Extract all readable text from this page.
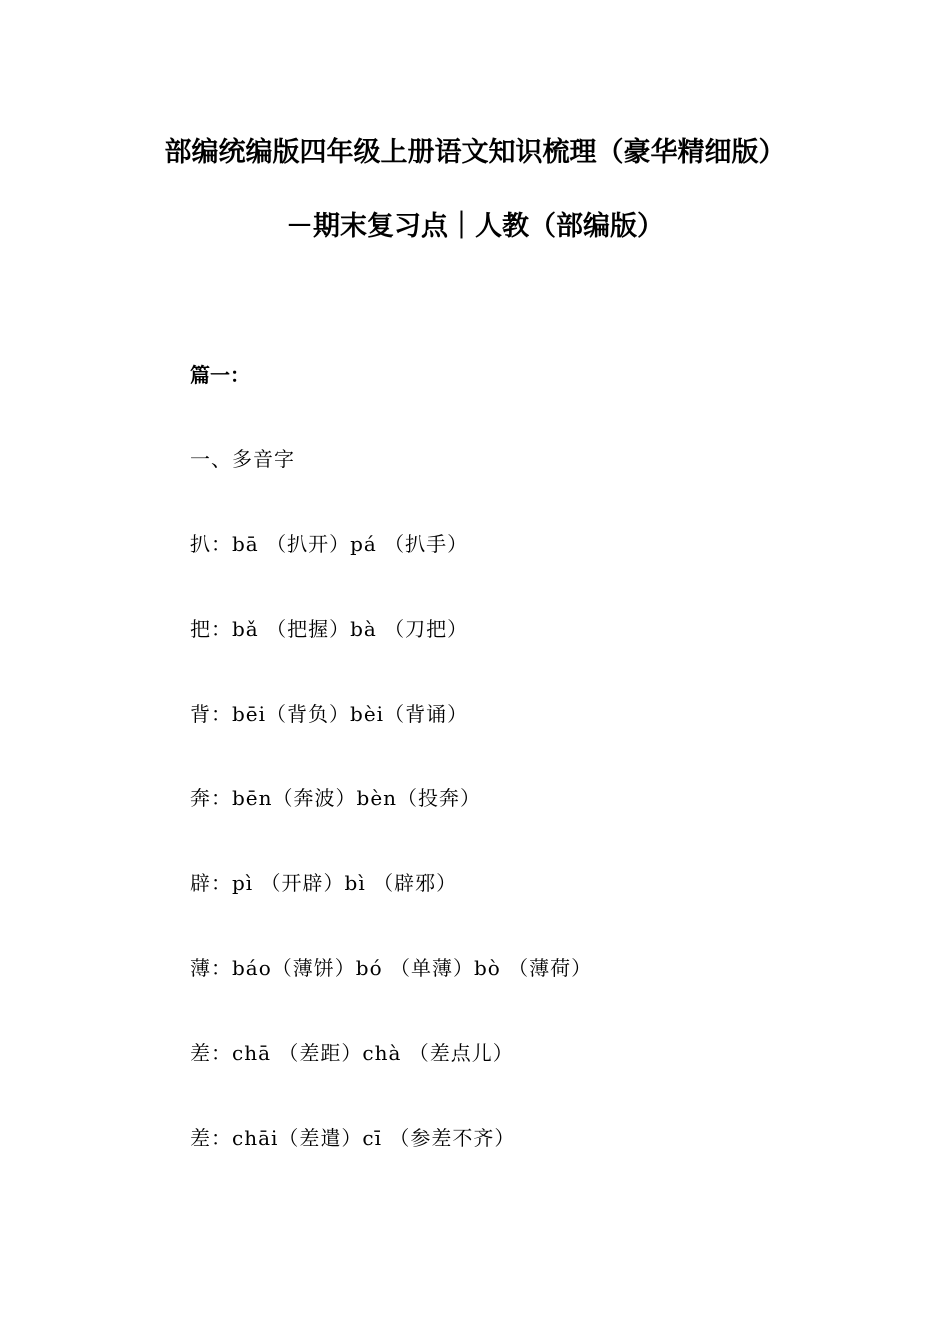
部编统编版四年级上册语文知识梳理（豪华精细版）
－期末复习点｜人教（部编版）
篇一：
一、多音字
扒：bā （扒开）pá （扒手）
把：bǎ （把握）bà （刀把）
背：bēi（背负）bèi（背诵）
奔：bēn（奔波）bèn（投奔）
辟：pì （开辟）bì （辟邪）
薄：báo（薄饼）bó （单薄）bò （薄荷）
差：chā （差距）chà （差点儿）
差：chāi（差遣）cī （参差不齐）
